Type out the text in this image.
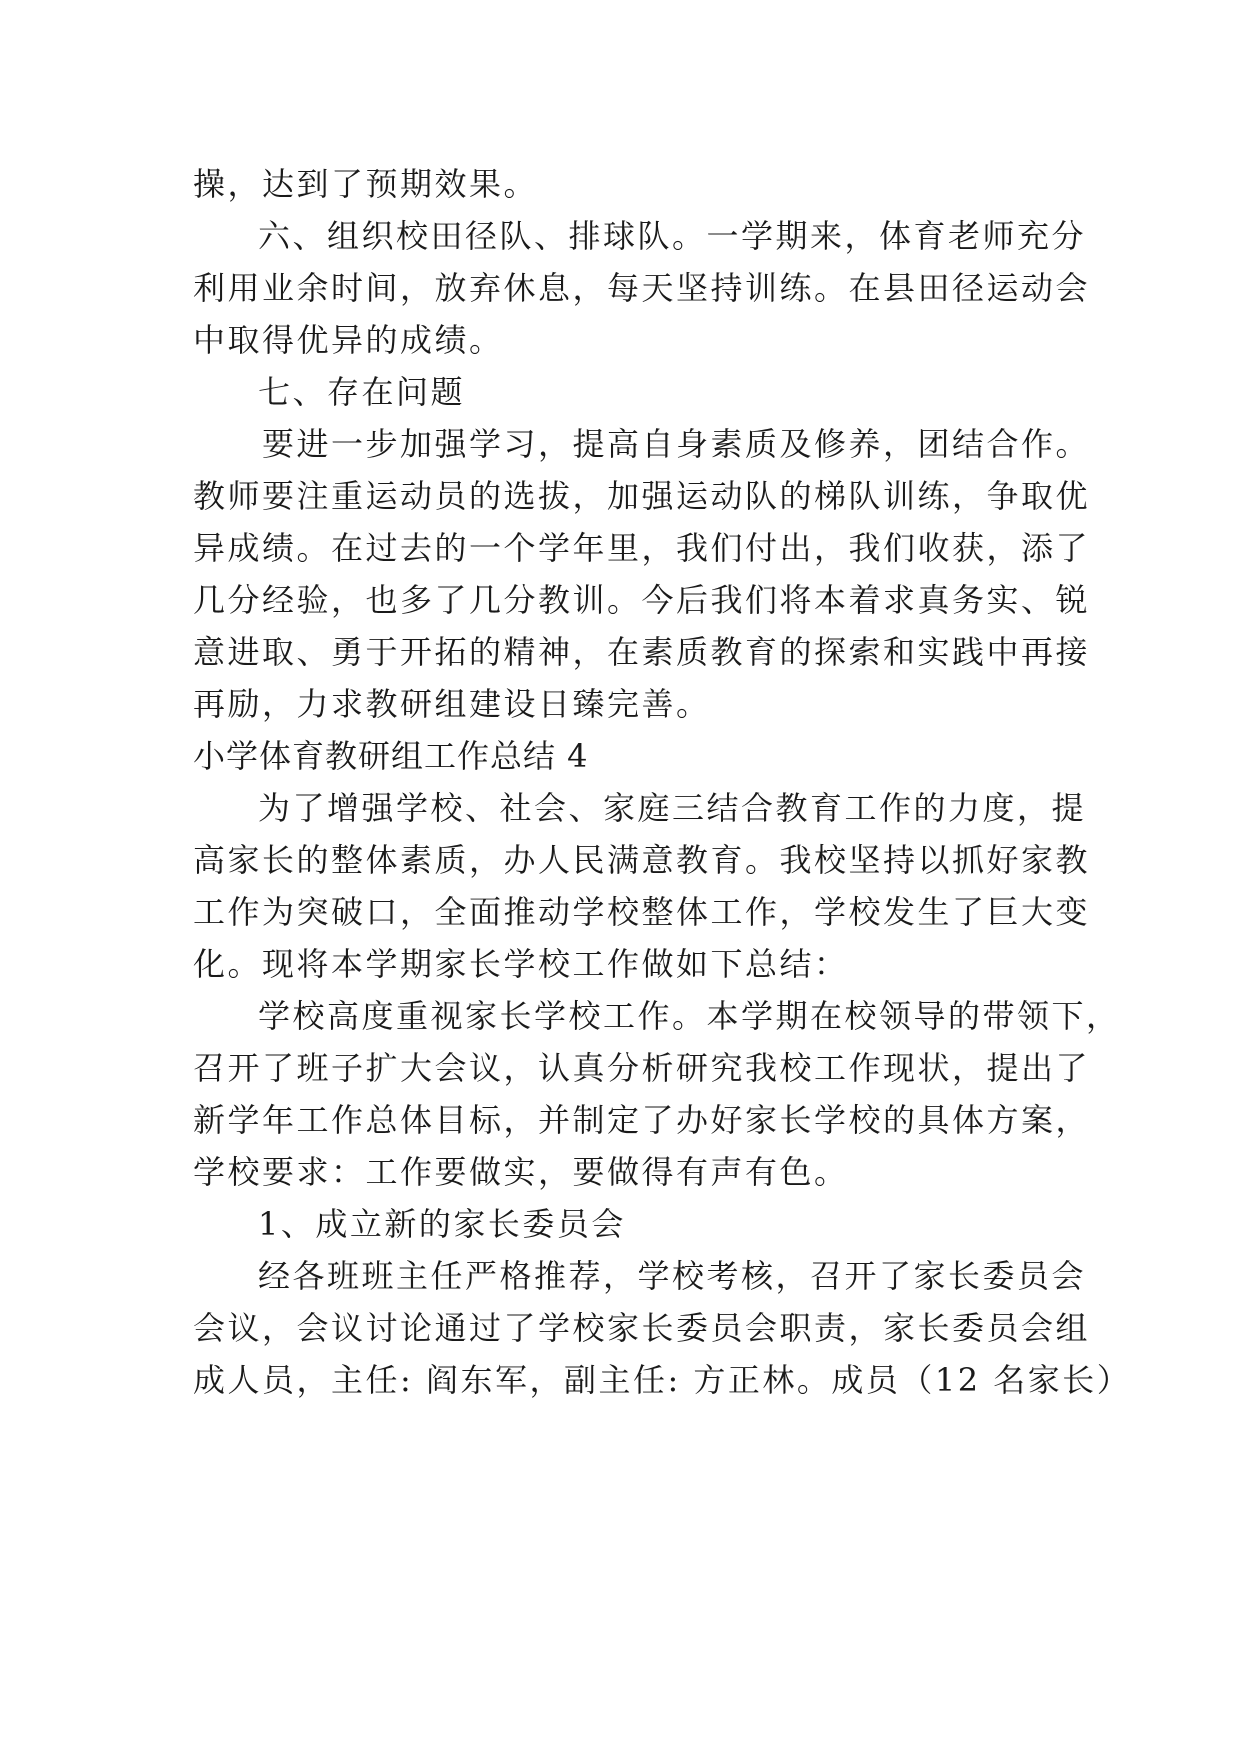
操，达到了预期效果。
六、组织校田径队、排球队。一学期来，体育老师充分
利用业余时间，放弃休息，每天坚持训练。在县田径运动会
中取得优异的成绩。
七、存在问题
要进一步加强学习，提高自身素质及修养，团结合作。
教师要注重运动员的选拔，加强运动队的梯队训练，争取优
异成绩。在过去的一个学年里，我们付出，我们收获，添了
几分经验，也多了几分教训。今后我们将本着求真务实、锐
意进取、勇于开拓的精神，在素质教育的探索和实践中再接
再励，力求教研组建设日臻完善。
小学体育教研组工作总结 4
为了增强学校、社会、家庭三结合教育工作的力度，提
高家长的整体素质，办人民满意教育。我校坚持以抓好家教
工作为突破口，全面推动学校整体工作，学校发生了巨大变
化。现将本学期家长学校工作做如下总结：
学校高度重视家长学校工作。本学期在校领导的带领下，
召开了班子扩大会议，认真分析研究我校工作现状，提出了
新学年工作总体目标，并制定了办好家长学校的具体方案，
学校要求：工作要做实，要做得有声有色。
1、成立新的家长委员会
经各班班主任严格推荐，学校考核，召开了家长委员会
会议，会议讨论通过了学校家长委员会职责，家长委员会组
成人员，主任: 阎东军，副主任: 方正林。成员（12 名家长）
